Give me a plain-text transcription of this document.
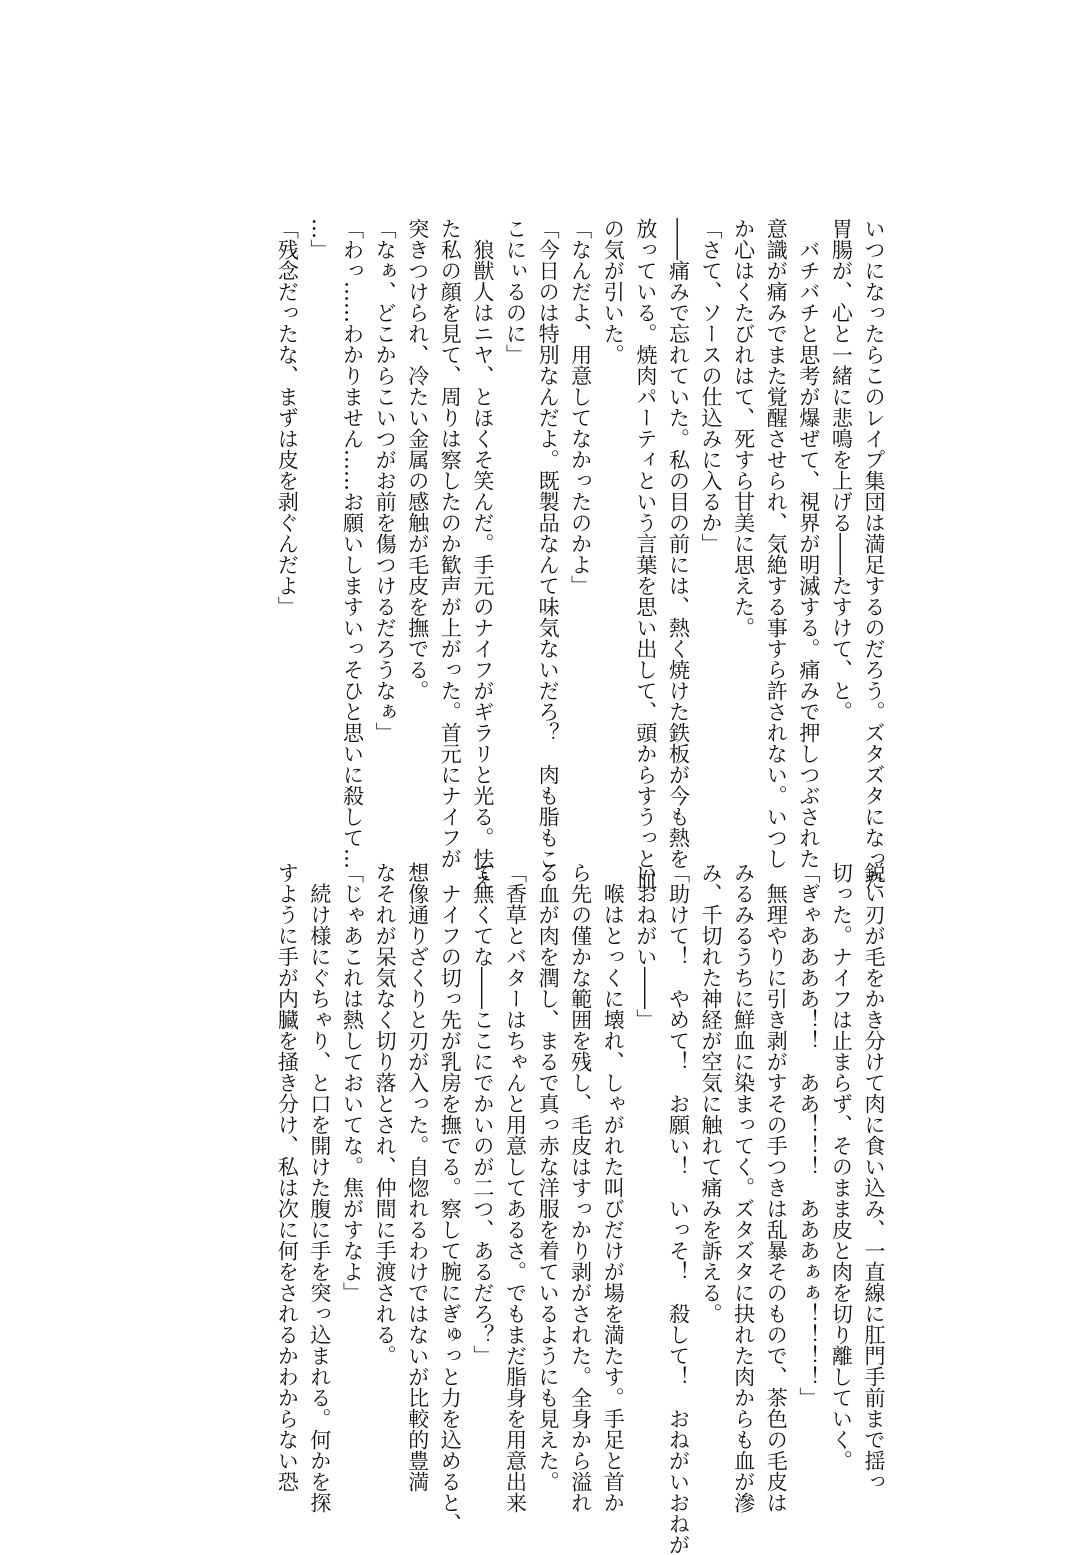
いつになったらこのレイプ集団は満足するのだろう。ズタズタになった
胃腸が、心と一緒に悲鳴を上げる――たすけて、と。
　バチバチと思考が爆ぜて、視界が明滅する。痛みで押しつぶされた
意識が痛みでまた覚醒させられ、気絶する事すら許されない。いつし
か心はくたびれはて、死すら甘美に思えた。
「さて、ソースの仕込みに入るか」
――痛みで忘れていた。私の目の前には、熱く焼けた鉄板が今も熱を
放っている。焼肉パーティという言葉を思い出して、頭からすうっと血
の気が引いた。
「なんだよ、用意してなかったのかよ」
「今日のは特別なんだよ。既製品なんて味気ないだろ？　肉も脂もこ
こにぃるのに」
　狼獣人はニヤ、とほくそ笑んだ。手元のナイフがギラリと光る。怯え
た私の顔を見て、周りは察したのか歓声が上がった。首元にナイフが
突きつけられ、冷たい金属の感触が毛皮を撫でる。
「なぁ、どこからこいつがお前を傷つけるだろうなぁ」
「わっ……わかりません……お願いしますいっそひと思いに殺して…
…」
「残念だったな、まずは皮を剥ぐんだよ」
鋭い刃が毛をかき分けて肉に食い込み、一直線に肛門手前まで揺っ
切った。ナイフは止まらず、そのまま皮と肉を切り離していく。
「ぎゃああああ！！　ああ！！！　あああぁぁ！！！！」
　無理やりに引き剥がすその手つきは乱暴そのもので、茶色の毛皮は
みるみるうちに鮮血に染まってく。ズタズタに抉れた肉からも血が滲
み、千切れた神経が空気に触れて痛みを訴える。
「助けて！　やめて！　お願い！　いっそ！　殺して！　おねがいおねが
いおねがい――」
　喉はとっくに壊れ、しゃがれた叫びだけが場を満たす。手足と首か
ら先の僅かな範囲を残し、毛皮はすっかり剥がされた。全身から溢れ
る血が肉を潤し、まるで真っ赤な洋服を着ているようにも見えた。
「香草とバターはちゃんと用意してあるさ。でもまだ脂身を用意出来
て無くてな――ここにでかいのが二つ、あるだろ？」
　ナイフの切っ先が乳房を撫でる。察して腕にぎゅっと力を込めると、
想像通りざくりと刃が入った。自惚れるわけではないが比較的豊満
なそれが呆気なく切り落とされ、仲間に手渡される。
「じゃあこれは熱しておいてな。焦がすなよ」
　続け様にぐちゃり、と口を開けた腹に手を突っ込まれる。何かを探
すように手が内臓を掻き分け、私は次に何をされるかわからない恐
